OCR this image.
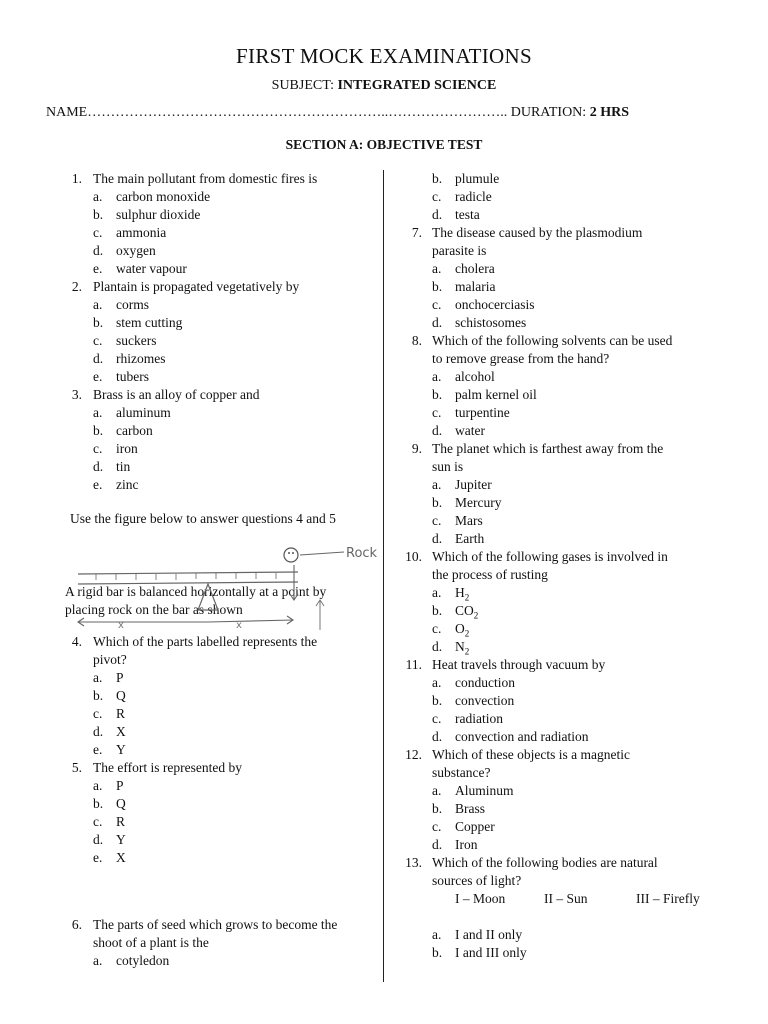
FIRST MOCK EXAMINATIONS
SUBJECT: INTEGRATED SCIENCE
NAME………………………………………………………..…………………….. DURATION: 2 HRS
SECTION A: OBJECTIVE TEST
1. The main pollutant from domestic fires is
a. carbon monoxide
b. sulphur dioxide
c. ammonia
d. oxygen
e. water vapour
2. Plantain is propagated vegetatively by
a. corms
b. stem cutting
c. suckers
d. rhizomes
e. tubers
3. Brass is an alloy of copper and
a. aluminum
b. carbon
c. iron
d. tin
e. zinc
Use the figure below to answer questions 4 and 5
A rigid bar is balanced horizontally at a point by
placing rock on the bar as shown
4. Which of the parts labelled represents the
pivot?
a. P
b. Q
c. R
d. X
e. Y
5. The effort is represented by
a. P
b. Q
c. R
d. Y
e. X
6. The parts of seed which grows to become the
shoot of a plant is the
a. cotyledon
b. plumule
c. radicle
d. testa
7. The disease caused by the plasmodium
parasite is
a. cholera
b. malaria
c. onchocerciasis
d. schistosomes
8. Which of the following solvents can be used
to remove grease from the hand?
a. alcohol
b. palm kernel oil
c. turpentine
d. water
9. The planet which is farthest away from the
sun is
a. Jupiter
b. Mercury
c. Mars
d. Earth
10. Which of the following gases is involved in
the process of rusting
a. $H_2$
b. $CO_2$
c. $O_2$
d. $N_2$
11. Heat travels through vacuum by
a. conduction
b. convection
c. radiation
d. convection and radiation
12. Which of these objects is a magnetic
substance?
a. Aluminum
b. Brass
c. Copper
d. Iron
13. Which of the following bodies are natural
sources of light?
I – Moon	II – Sun	III – Firefly
a. I and II only
b. I and III only
Rock
x	x
